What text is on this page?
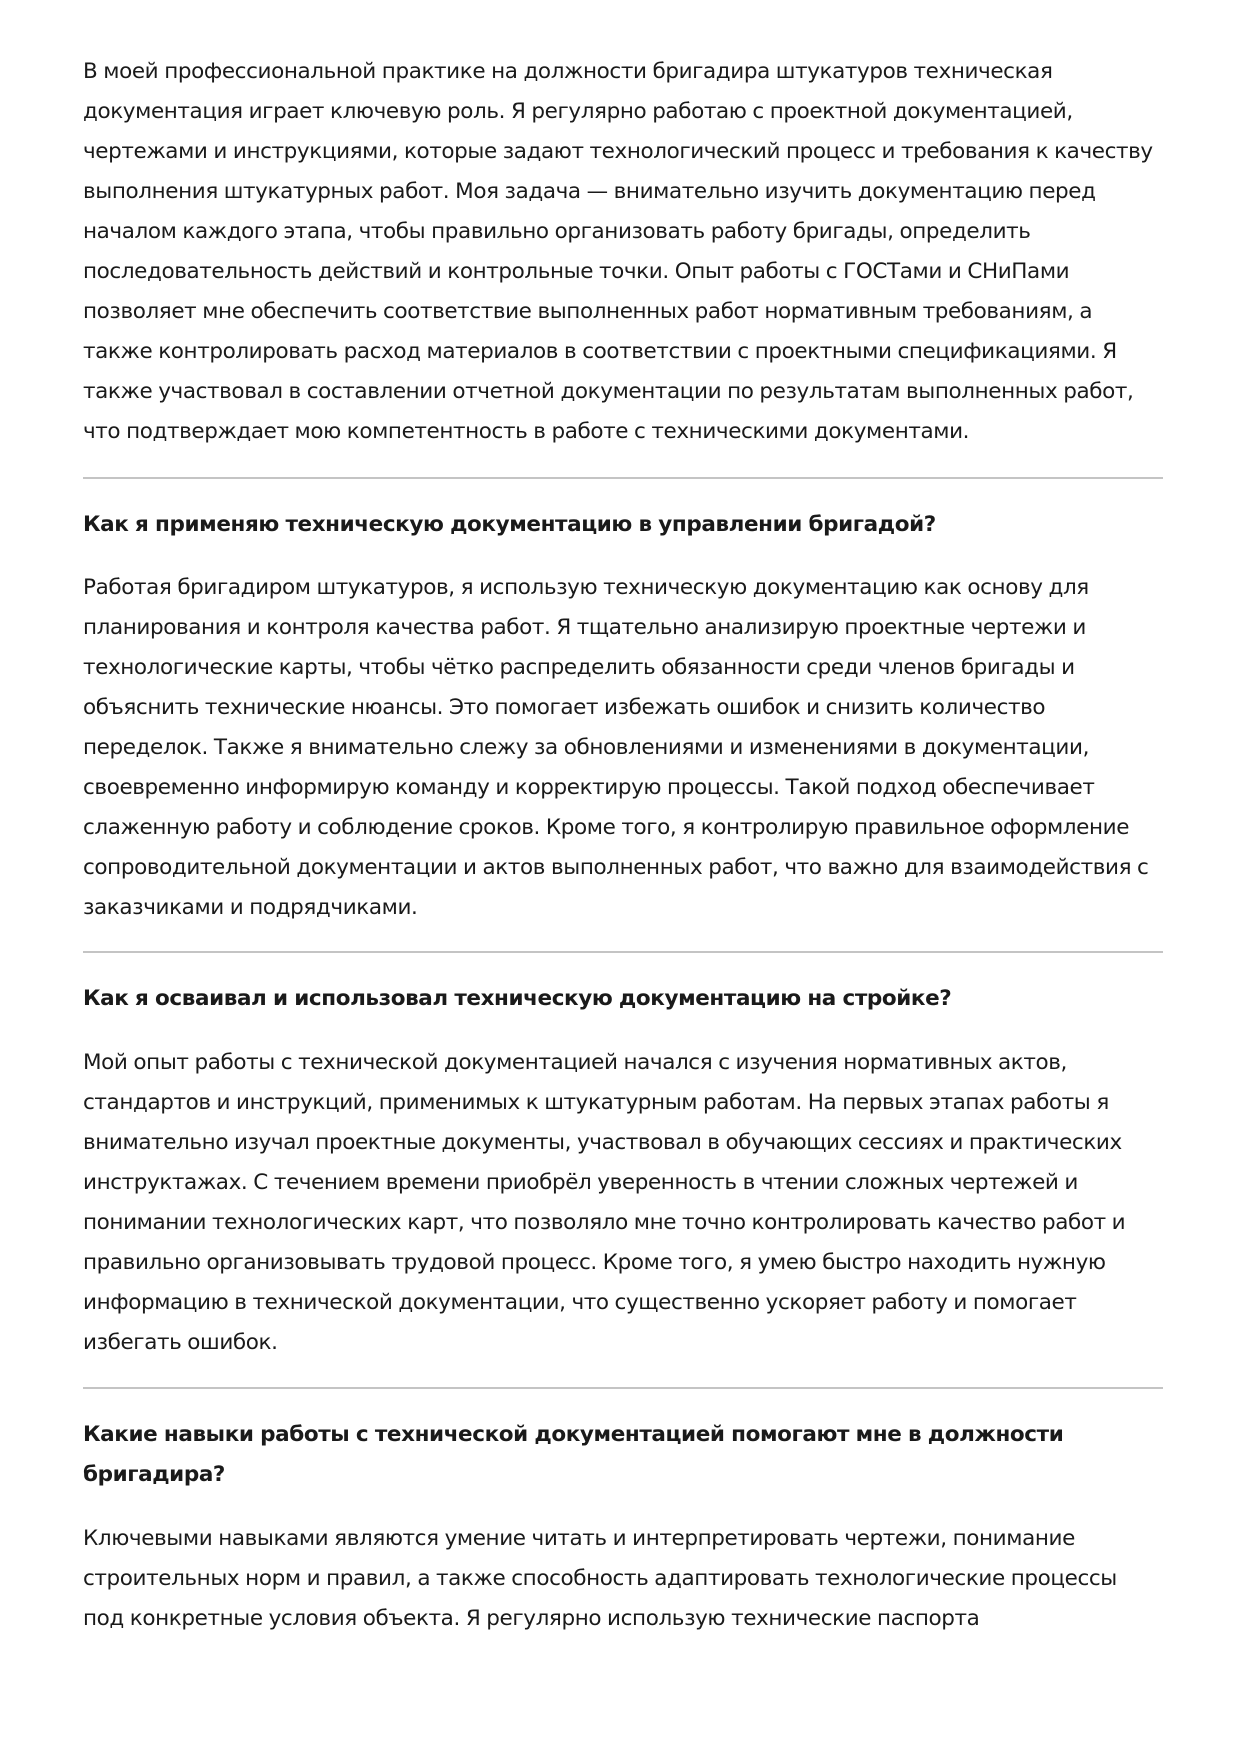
В моей профессиональной практике на должности бригадира штукатуров техническая документация играет ключевую роль. Я регулярно работаю с проектной документацией, чертежами и инструкциями, которые задают технологический процесс и требования к качеству выполнения штукатурных работ. Моя задача — внимательно изучить документацию перед началом каждого этапа, чтобы правильно организовать работу бригады, определить последовательность действий и контрольные точки. Опыт работы с ГОСТами и СНиПами позволяет мне обеспечить соответствие выполненных работ нормативным требованиям, а также контролировать расход материалов в соответствии с проектными спецификациями. Я также участвовал в составлении отчетной документации по результатам выполненных работ, что подтверждает мою компетентность в работе с техническими документами.

Как я применяю техническую документацию в управлении бригадой?

Работая бригадиром штукатуров, я использую техническую документацию как основу для планирования и контроля качества работ. Я тщательно анализирую проектные чертежи и технологические карты, чтобы чётко распределить обязанности среди членов бригады и объяснить технические нюансы. Это помогает избежать ошибок и снизить количество переделок. Также я внимательно слежу за обновлениями и изменениями в документации, своевременно информирую команду и корректирую процессы. Такой подход обеспечивает слаженную работу и соблюдение сроков. Кроме того, я контролирую правильное оформление сопроводительной документации и актов выполненных работ, что важно для взаимодействия с заказчиками и подрядчиками.

Как я осваивал и использовал техническую документацию на стройке?

Мой опыт работы с технической документацией начался с изучения нормативных актов, стандартов и инструкций, применимых к штукатурным работам. На первых этапах работы я внимательно изучал проектные документы, участвовал в обучающих сессиях и практических инструктажах. С течением времени приобрёл уверенность в чтении сложных чертежей и понимании технологических карт, что позволяло мне точно контролировать качество работ и правильно организовывать трудовой процесс. Кроме того, я умею быстро находить нужную информацию в технической документации, что существенно ускоряет работу и помогает избегать ошибок.

Какие навыки работы с технической документацией помогают мне в должности бригадира?

Ключевыми навыками являются умение читать и интерпретировать чертежи, понимание строительных норм и правил, а также способность адаптировать технологические процессы под конкретные условия объекта. Я регулярно использую технические паспорта
